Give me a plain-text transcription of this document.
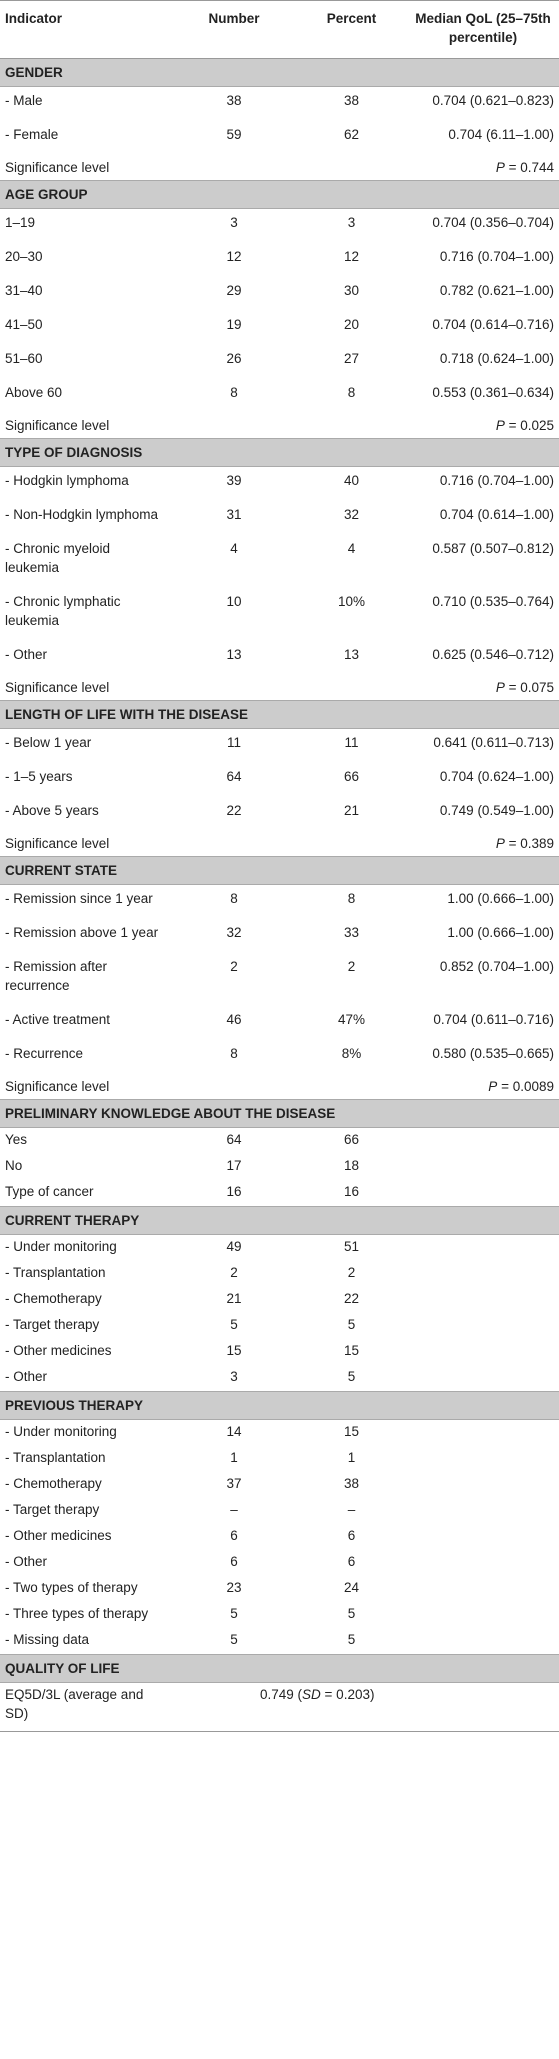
Indicator	Number	Percent	Median QoL (25–75th percentile)
GENDER			
- Male	38	38	0.704 (0.621–0.823)
- Female	59	62	0.704 (6.11–1.00)
Significance level			P = 0.744
AGE GROUP			
1–19	3	3	0.704 (0.356–0.704)
20–30	12	12	0.716 (0.704–1.00)
31–40	29	30	0.782 (0.621–1.00)
41–50	19	20	0.704 (0.614–0.716)
51–60	26	27	0.718 (0.624–1.00)
Above 60	8	8	0.553 (0.361–0.634)
Significance level			P = 0.025
TYPE OF DIAGNOSIS			
- Hodgkin lymphoma	39	40	0.716 (0.704–1.00)
- Non-Hodgkin lymphoma	31	32	0.704 (0.614–1.00)
- Chronic myeloid leukemia	4	4	0.587 (0.507–0.812)
- Chronic lymphatic leukemia	10	10%	0.710 (0.535–0.764)
- Other	13	13	0.625 (0.546–0.712)
Significance level			P = 0.075
LENGTH OF LIFE WITH THE DISEASE			
- Below 1 year	11	11	0.641 (0.611–0.713)
- 1–5 years	64	66	0.704 (0.624–1.00)
- Above 5 years	22	21	0.749 (0.549–1.00)
Significance level			P = 0.389
CURRENT STATE			
- Remission since 1 year	8	8	1.00 (0.666–1.00)
- Remission above 1 year	32	33	1.00 (0.666–1.00)
- Remission after recurrence	2	2	0.852 (0.704–1.00)
- Active treatment	46	47%	0.704 (0.611–0.716)
- Recurrence	8	8%	0.580 (0.535–0.665)
Significance level			P = 0.0089
PRELIMINARY KNOWLEDGE ABOUT THE DISEASE			
Yes	64	66	
No	17	18	
Type of cancer	16	16	
CURRENT THERAPY			
- Under monitoring	49	51	
- Transplantation	2	2	
- Chemotherapy	21	22	
- Target therapy	5	5	
- Other medicines	15	15	
- Other	3	5	
PREVIOUS THERAPY			
- Under monitoring	14	15	
- Transplantation	1	1	
- Chemotherapy	37	38	
- Target therapy	–	–	
- Other medicines	6	6	
- Other	6	6	
- Two types of therapy	23	24	
- Three types of therapy	5	5	
- Missing data	5	5	
QUALITY OF LIFE			
EQ5D/3L (average and SD)	0.749 (SD = 0.203)		
